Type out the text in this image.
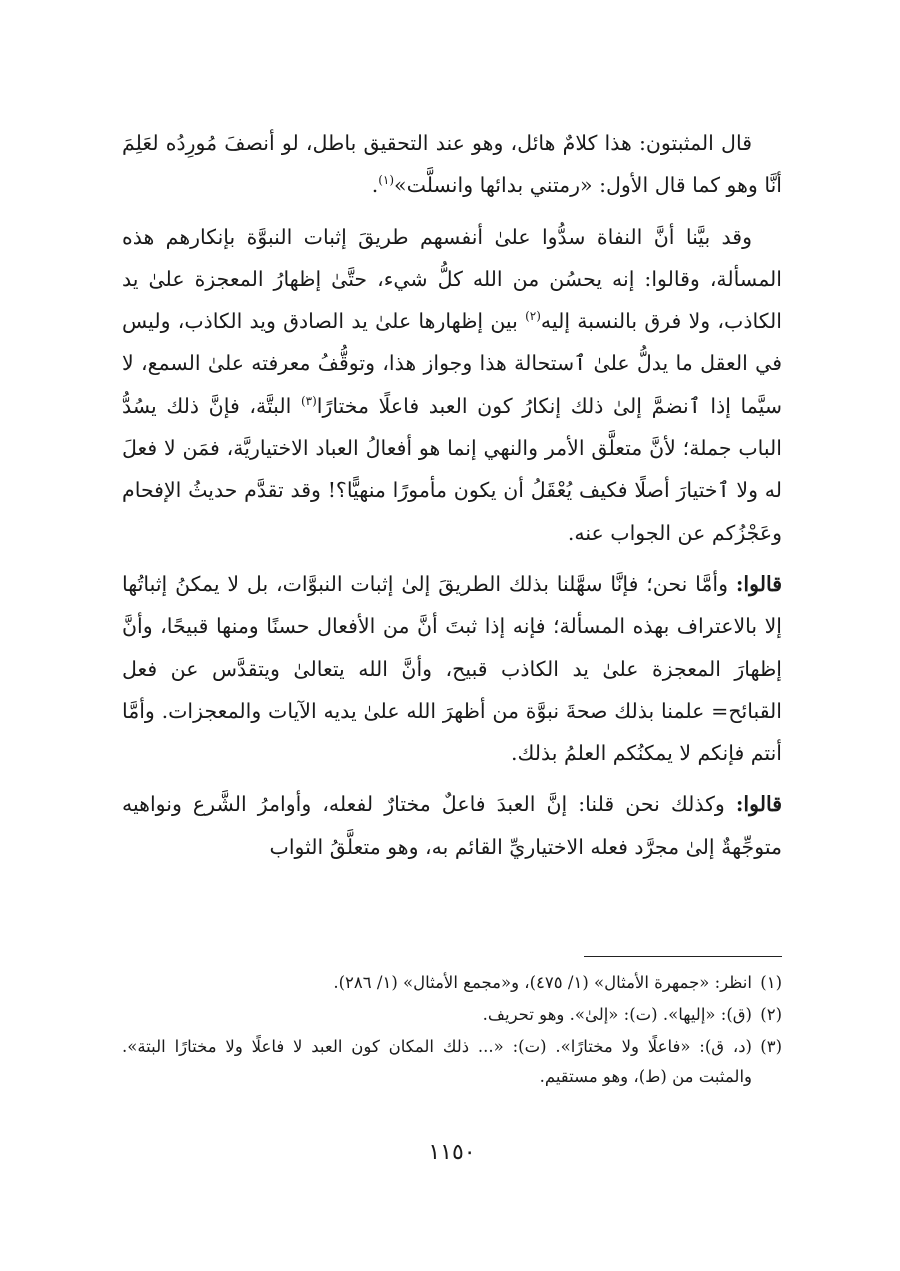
قال المثبتون: هذا كلامٌ هائل، وهو عند التحقيق باطل، لو أنصفَ مُورِدُه لعَلِمَ أنَّا وهو كما قال الأول: «رمتني بدائها وانسلَّت»$^{(١)}$.

وقد بيَّنا أنَّ النفاة سدُّوا علىٰ أنفسهم طريقَ إثبات النبوَّة بإنكارهم هذه المسألة، وقالوا: إنه يحسُن من الله كلُّ شيء، حتَّىٰ إظهارُ المعجزة علىٰ يد الكاذب، ولا فرق بالنسبة إليه$^{(٢)}$ بين إظهارها علىٰ يد الصادق ويد الكاذب، وليس في العقل ما يدلُّ علىٰ ٱستحالة هذا وجواز هذا، وتوقُّفُ معرفته علىٰ السمع، لا سيَّما إذا ٱنضمَّ إلىٰ ذلك إنكارُ كون العبد فاعلًا مختارًا$^{(٣)}$ البتَّة، فإنَّ ذلك يسُدُّ الباب جملة؛ لأنَّ متعلَّق الأمر والنهي إنما هو أفعالُ العباد الاختياريَّة، فمَن لا فعلَ له ولا ٱختيارَ أصلًا فكيف يُعْقَلُ أن يكون مأمورًا منهيًّا؟! وقد تقدَّم حديثُ الإفحام وعَجْزُكم عن الجواب عنه.

قالوا: وأمَّا نحن؛ فإنَّا سهَّلنا بذلك الطريقَ إلىٰ إثبات النبوَّات، بل لا يمكنُ إثباتُها إلا بالاعتراف بهذه المسألة؛ فإنه إذا ثبتَ أنَّ من الأفعال حسنًا ومنها قبيحًا، وأنَّ إظهارَ المعجزة علىٰ يد الكاذب قبيح، وأنَّ الله يتعالىٰ ويتقدَّس عن فعل القبائح= علمنا بذلك صحةَ نبوَّة من أظهرَ الله علىٰ يديه الآيات والمعجزات. وأمَّا أنتم فإنكم لا يمكنُكم العلمُ بذلك.

قالوا: وكذلك نحن قلنا: إنَّ العبدَ فاعلٌ مختارٌ لفعله، وأوامرُ الشَّرع ونواهيه متوجِّهةٌ إلىٰ مجرَّد فعله الاختياريِّ القائم به، وهو متعلَّقُ الثواب

(١)
انظر: «جمهرة الأمثال» (١/ ٤٧٥)، و«مجمع الأمثال» (١/ ٢٨٦).

(٢)
(ق): «إليها». (ت): «إلىٰ». وهو تحريف.

(٣)
(د، ق): «فاعلًا ولا مختارًا». (ت): «... ذلك المكان كون العبد لا فاعلًا ولا مختارًا البتة». والمثبت من (ط)، وهو مستقيم.

١١٥٠
